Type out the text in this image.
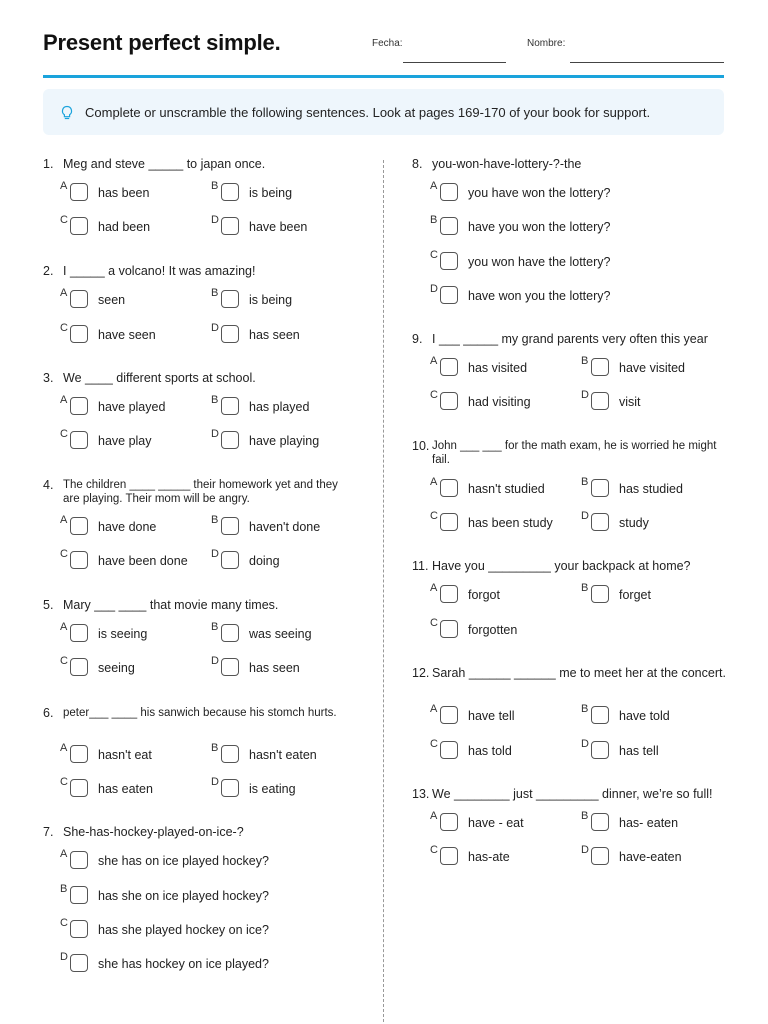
Present perfect simple.	Fecha:	Nombre:
Complete or unscramble the following sentences. Look at pages 169-170 of your book for support.
1. Meg and steve _____ to japan once.
A has been	B is being
C had been	D have been
2. I _____ a volcano! It was amazing!
A seen	B is being
C have seen	D has seen
3. We ____ different sports at school.
A have played	B has played
C have play	D have playing
4. The children ____ _____ their homework yet and they are playing. Their mom will be angry.
A have done	B haven't done
C have been done D doing
5. Mary ___ ____ that movie many times.
A is seeing	B was seeing
C seeing	D has seen
6. peter___ ____ his sanwich because his stomch hurts.
A hasn't eat	B hasn't eaten
C has eaten	D is eating
7. She-has-hockey-played-on-ice-?
A she has on ice played hockey?
B has she on ice played hockey?
C has she played hockey on ice?
D she has hockey on ice played?
8. you-won-have-lottery-?-the
A you have won the lottery?
B have you won the lottery?
C you won have the lottery?
D have won you the lottery?
9. I ___ _____ my grand parents very often this year
A has visited	B have visited
C had visiting	D visit
10. John ___ ___ for the math exam, he is worried he might fail.
A hasn't studied	B has studied
C has been study	D study
11. Have you _________ your backpack at home?
A forgot	B forget
C forgotten
12. Sarah ______ ______ me to meet her at the concert.
A have tell	B have told
C has told	D has tell
13. We ________ just _________ dinner, we’re so full!
A have - eat	B has- eaten
C has-ate	D have-eaten
